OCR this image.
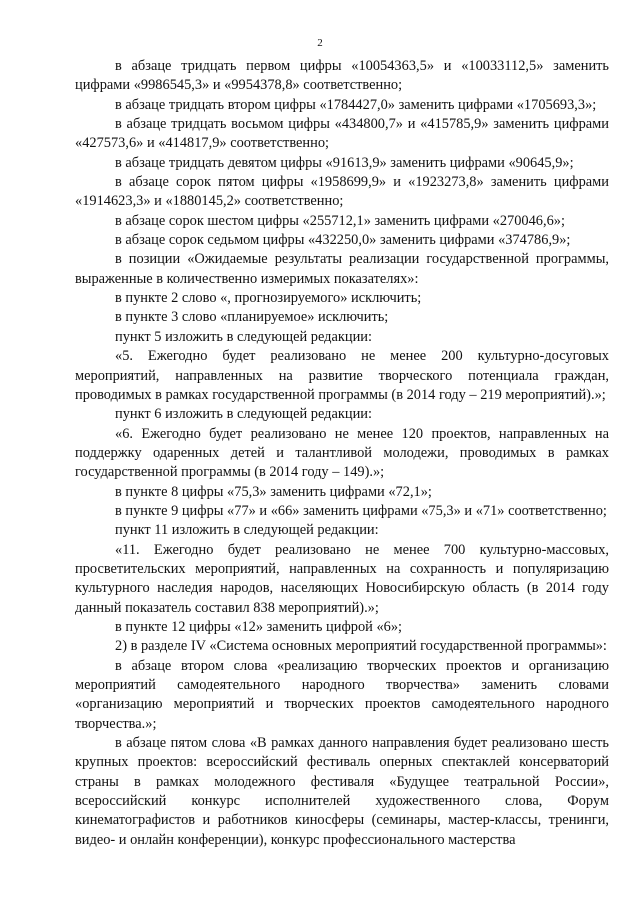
2

в абзаце тридцать первом цифры «10054363,5» и «10033112,5» заменить цифрами «9986545,3» и «9954378,8» соответственно;

в абзаце тридцать втором цифры «1784427,0» заменить цифрами «1705693,3»;

в абзаце тридцать восьмом цифры «434800,7» и «415785,9» заменить цифрами «427573,6» и «414817,9» соответственно;

в абзаце тридцать девятом цифры «91613,9» заменить цифрами «90645,9»;

в абзаце сорок пятом цифры «1958699,9» и «1923273,8» заменить цифрами «1914623,3» и «1880145,2» соответственно;

в абзаце сорок шестом цифры «255712,1» заменить цифрами «270046,6»;

в абзаце сорок седьмом цифры «432250,0» заменить цифрами «374786,9»;

в позиции «Ожидаемые результаты реализации государственной программы, выраженные в количественно измеримых показателях»:

в пункте 2 слово «, прогнозируемого» исключить;

в пункте 3 слово «планируемое» исключить;

пункт 5 изложить в следующей редакции:

«5. Ежегодно будет реализовано не менее 200 культурно-досуговых мероприятий, направленных на развитие творческого потенциала граждан, проводимых в рамках государственной программы (в 2014 году – 219 мероприятий).»;

пункт 6 изложить в следующей редакции:

«6. Ежегодно будет реализовано не менее 120 проектов, направленных на поддержку одаренных детей и талантливой молодежи, проводимых в рамках государственной программы (в 2014 году – 149).»;

в пункте 8 цифры «75,3» заменить цифрами «72,1»;

в пункте 9 цифры «77» и «66» заменить цифрами «75,3» и «71» соответственно;

пункт 11 изложить в следующей редакции:

«11. Ежегодно будет реализовано не менее 700 культурно-массовых, просветительских мероприятий, направленных на сохранность и популяризацию культурного наследия народов, населяющих Новосибирскую область (в 2014 году данный показатель составил 838 мероприятий).»;

в пункте 12 цифры «12» заменить цифрой «6»;

2) в разделе IV «Система основных мероприятий государственной программы»:

в абзаце втором слова «реализацию творческих проектов и организацию мероприятий самодеятельного народного творчества» заменить словами «организацию мероприятий и творческих проектов самодеятельного народного творчества.»;

в абзаце пятом слова «В рамках данного направления будет реализовано шесть крупных проектов: всероссийский фестиваль оперных спектаклей консерваторий страны в рамках молодежного фестиваля «Будущее театральной России», всероссийский конкурс исполнителей художественного слова, Форум кинематографистов и работников киносферы (семинары, мастер-классы, тренинги, видео- и онлайн конференции), конкурс профессионального мастерства
